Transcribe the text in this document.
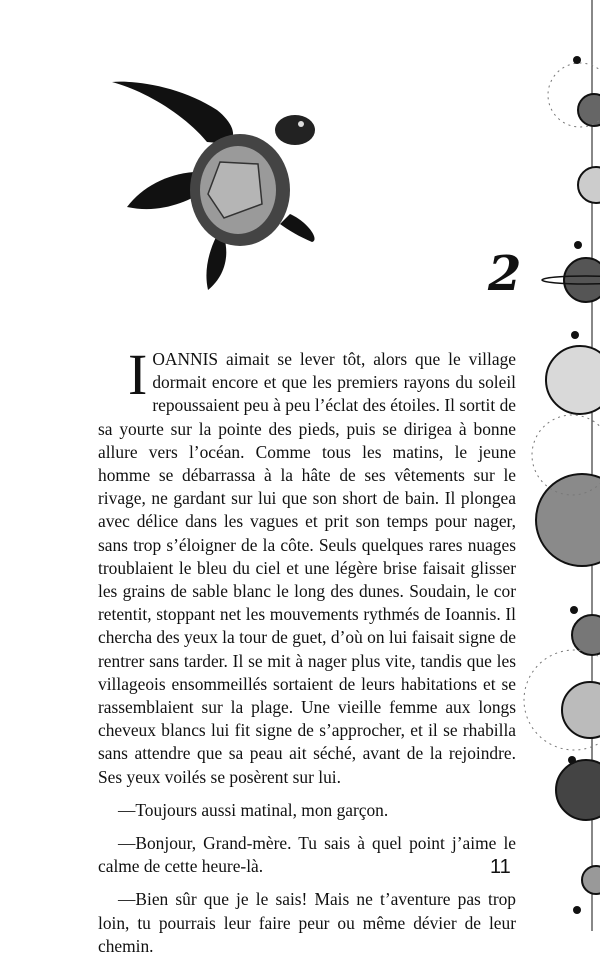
2

IOANNIS aimait se lever tôt, alors que le village dormait encore et que les premiers rayons du soleil repoussaient peu à peu l’éclat des étoiles. Il sortit de sa yourte sur la pointe des pieds, puis se dirigea à bonne allure vers l’océan. Comme tous les matins, le jeune homme se débarrassa à la hâte de ses vêtements sur le rivage, ne gardant sur lui que son short de bain. Il plongea avec délice dans les vagues et prit son temps pour nager, sans trop s’éloigner de la côte. Seuls quelques rares nuages troublaient le bleu du ciel et une légère brise faisait glisser les grains de sable blanc le long des dunes. Soudain, le cor retentit, stoppant net les mouvements rythmés de Ioannis. Il chercha des yeux la tour de guet, d’où on lui faisait signe de rentrer sans tarder. Il se mit à nager plus vite, tandis que les villageois ensommeillés sortaient de leurs habitations et se rassemblaient sur la plage. Une vieille femme aux longs cheveux blancs lui fit signe de s’approcher, et il se rhabilla sans attendre que sa peau ait séché, avant de la rejoindre. Ses yeux voilés se posèrent sur lui.

—Toujours aussi matinal, mon garçon.

—Bonjour, Grand-mère. Tu sais à quel point j’aime le calme de cette heure-là.

—Bien sûr que je le sais! Mais ne t’aventure pas trop loin, tu pourrais leur faire peur ou même dévier de leur chemin.

11
